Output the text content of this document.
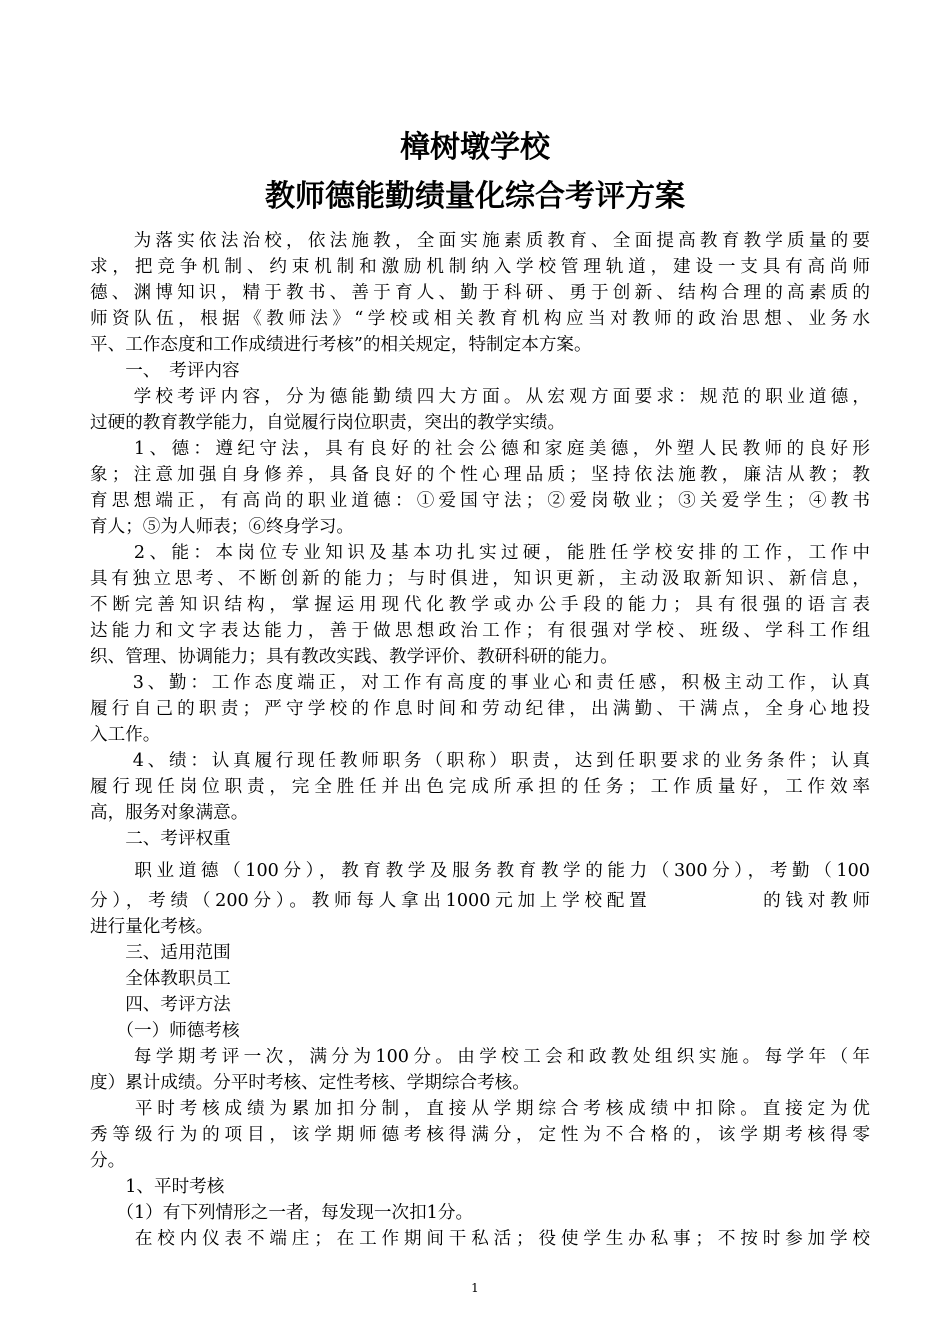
樟树墩学校
教师德能勤绩量化综合考评方案

　　为落实依法治校，依法施教，全面实施素质教育、全面提高教育教学质量的要

求，把竞争机制、约束机制和激励机制纳入学校管理轨道，建设一支具有高尚师

德、渊博知识，精于教书、善于育人、勤于科研、勇于创新、结构合理的高素质的

师资队伍，根据《教师法》“学校或相关教育机构应当对教师的政治思想、业务水

平、工作态度和工作成绩进行考核”的相关规定，特制定本方案。

　　一、　考评内容

　　学校考评内容，分为德能勤绩四大方面。从宏观方面要求：规范的职业道德，

过硬的教育教学能力，自觉履行岗位职责，突出的教学实绩。

　　1、德：遵纪守法，具有良好的社会公德和家庭美德，外塑人民教师的良好形

象；注意加强自身修养，具备良好的个性心理品质；坚持依法施教，廉洁从教；教

育思想端正，有高尚的职业道德：①爱国守法；②爱岗敬业；③关爱学生；④教书

育人；⑤为人师表；⑥终身学习。

　　2、能：本岗位专业知识及基本功扎实过硬，能胜任学校安排的工作，工作中

具有独立思考、不断创新的能力；与时俱进，知识更新，主动汲取新知识、新信息，

不断完善知识结构，掌握运用现代化教学或办公手段的能力；具有很强的语言表

达能力和文字表达能力，善于做思想政治工作；有很强对学校、班级、学科工作组

织、管理、协调能力；具有教改实践、教学评价、教研科研的能力。

　　3、勤：工作态度端正，对工作有高度的事业心和责任感，积极主动工作，认真

履行自己的职责；严守学校的作息时间和劳动纪律，出满勤、干满点，全身心地投

入工作。

　　4、绩：认真履行现任教师职务（职称）职责，达到任职要求的业务条件；认真

履行现任岗位职责，完全胜任并出色完成所承担的任务；工作质量好，工作效率

高，服务对象满意。

　　二、考评权重

　　职业道德（100分），教育教学及服务教育教学的能力（300分），考勤（100

分），考绩（200分）。教师每人拿出1000元加上学校配置　　　　　的钱对教师

进行量化考核。

　　三、适用范围

　　全体教职员工

　　四、考评方法

　　（一）师德考核

　　每学期考评一次，满分为100分。由学校工会和政教处组织实施。每学年（年

度）累计成绩。分平时考核、定性考核、学期综合考核。

　　平时考核成绩为累加扣分制，直接从学期综合考核成绩中扣除。直接定为优

秀等级行为的项目，该学期师德考核得满分，定性为不合格的，该学期考核得零

分。

　　1、平时考核

　　（1）有下列情形之一者，每发现一次扣1分。

　　在校内仪表不端庄；在工作期间干私活；役使学生办私事；不按时参加学校

1
